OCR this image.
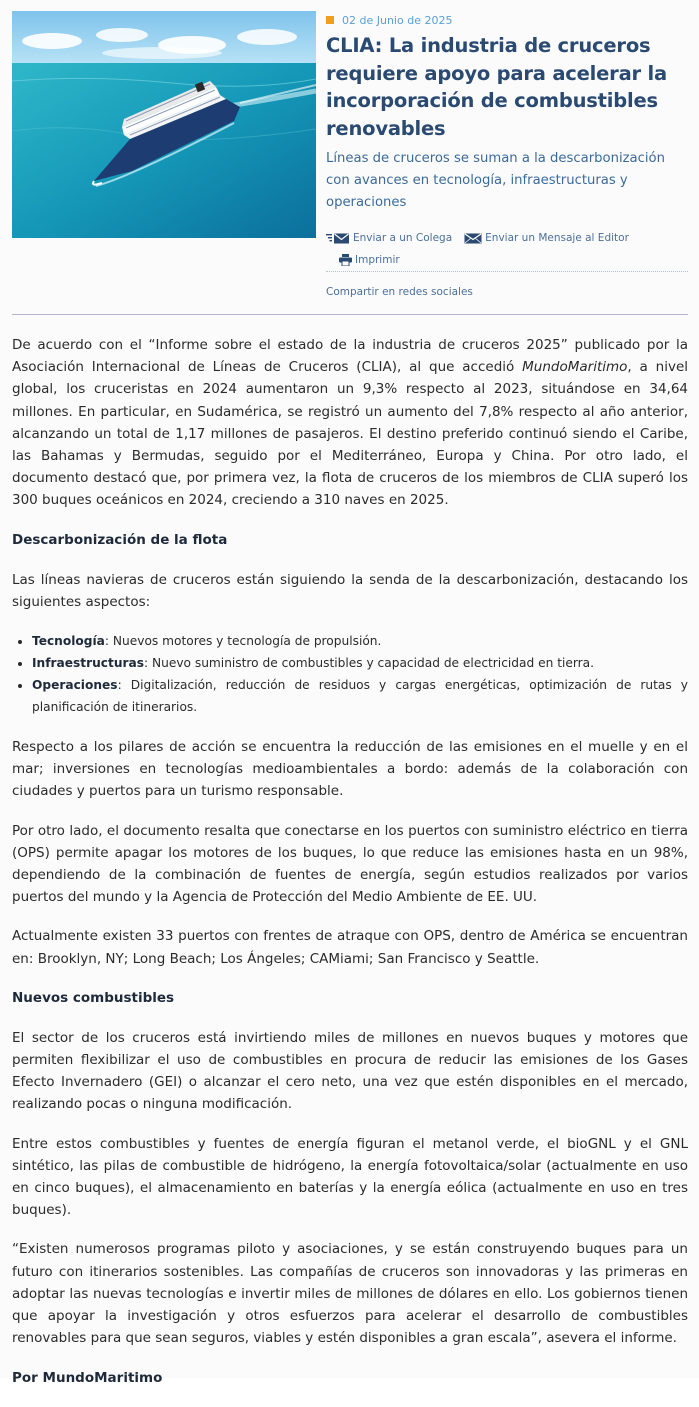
02 de Junio de 2025
CLIA: La industria de cruceros requiere apoyo para acelerar la incorporación de combustibles renovables

Líneas de cruceros se suman a la descarbonización con avances en tecnología, infraestructuras y operaciones

Enviar a un Colega	Enviar un Mensaje al Editor
Imprimir
Compartir en redes sociales

De acuerdo con el “Informe sobre el estado de la industria de cruceros 2025” publicado por la Asociación Internacional de Líneas de Cruceros (CLIA), al que accedió MundoMaritimo, a nivel global, los cruceristas en 2024 aumentaron un 9,3% respecto al 2023, situándose en 34,64 millones. En particular, en Sudamérica, se registró un aumento del 7,8% respecto al año anterior, alcanzando un total de 1,17 millones de pasajeros. El destino preferido continuó siendo el Caribe, las Bahamas y Bermudas, seguido por el Mediterráneo, Europa y China. Por otro lado, el documento destacó que, por primera vez, la flota de cruceros de los miembros de CLIA superó los 300 buques oceánicos en 2024, creciendo a 310 naves en 2025.

Descarbonización de la flota

Las líneas navieras de cruceros están siguiendo la senda de la descarbonización, destacando los siguientes aspectos:

• Tecnología: Nuevos motores y tecnología de propulsión.
• Infraestructuras: Nuevo suministro de combustibles y capacidad de electricidad en tierra.
• Operaciones: Digitalización, reducción de residuos y cargas energéticas, optimización de rutas y planificación de itinerarios.

Respecto a los pilares de acción se encuentra la reducción de las emisiones en el muelle y en el mar; inversiones en tecnologías medioambientales a bordo: además de la colaboración con ciudades y puertos para un turismo responsable.

Por otro lado, el documento resalta que conectarse en los puertos con suministro eléctrico en tierra (OPS) permite apagar los motores de los buques, lo que reduce las emisiones hasta en un 98%, dependiendo de la combinación de fuentes de energía, según estudios realizados por varios puertos del mundo y la Agencia de Protección del Medio Ambiente de EE. UU.

Actualmente existen 33 puertos con frentes de atraque con OPS, dentro de América se encuentran en: Brooklyn, NY; Long Beach; Los Ángeles; CAMiami; San Francisco y Seattle.

Nuevos combustibles

El sector de los cruceros está invirtiendo miles de millones en nuevos buques y motores que permiten flexibilizar el uso de combustibles en procura de reducir las emisiones de los Gases Efecto Invernadero (GEI) o alcanzar el cero neto, una vez que estén disponibles en el mercado, realizando pocas o ninguna modificación.

Entre estos combustibles y fuentes de energía figuran el metanol verde, el bioGNL y el GNL sintético, las pilas de combustible de hidrógeno, la energía fotovoltaica/solar (actualmente en uso en cinco buques), el almacenamiento en baterías y la energía eólica (actualmente en uso en tres buques).

“Existen numerosos programas piloto y asociaciones, y se están construyendo buques para un futuro con itinerarios sostenibles. Las compañías de cruceros son innovadoras y las primeras en adoptar las nuevas tecnologías e invertir miles de millones de dólares en ello. Los gobiernos tienen que apoyar la investigación y otros esfuerzos para acelerar el desarrollo de combustibles renovables para que sean seguros, viables y estén disponibles a gran escala”, asevera el informe.

Por MundoMaritimo
